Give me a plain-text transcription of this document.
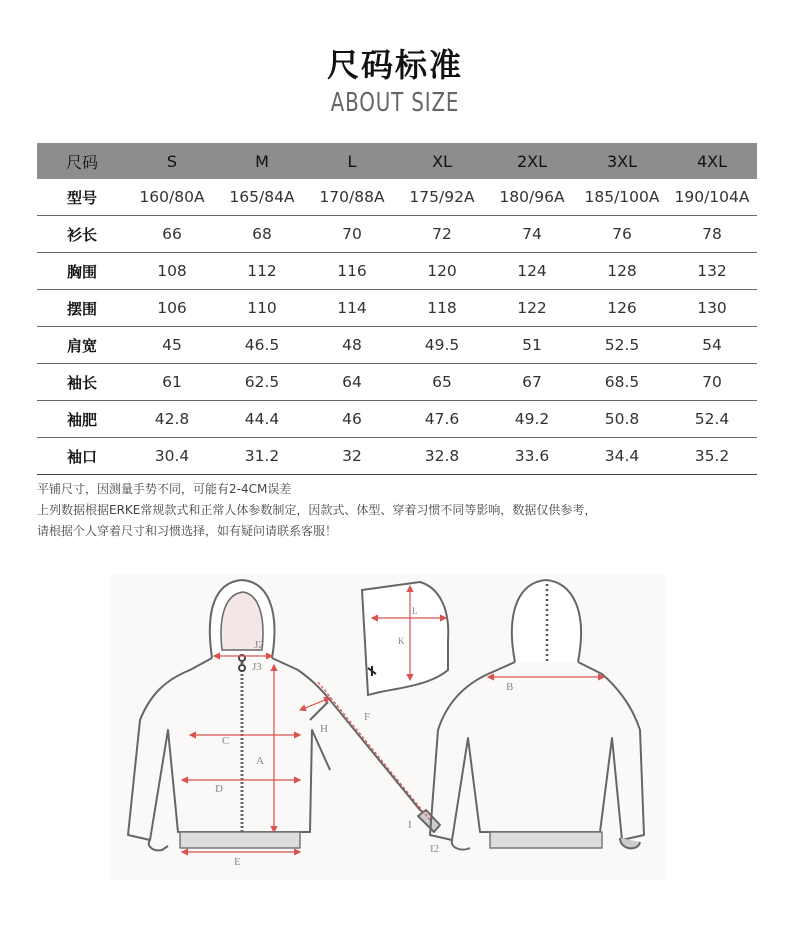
尺码标准
ABOUT SIZE
尺码	S	M	L	XL	2XL	3XL	4XL
型号	160/80A	165/84A	170/88A	175/92A	180/96A	185/100A	190/104A
衫长	66	68	70	72	74	76	78
胸围	108	112	116	120	124	128	132
摆围	106	110	114	118	122	126	130
肩宽	45	46.5	48	49.5	51	52.5	54
袖长	61	62.5	64	65	67	68.5	70
袖肥	42.8	44.4	46	47.6	49.2	50.8	52.4
袖口	30.4	31.2	32	32.8	33.6	34.4	35.2
平铺尺寸，因测量手势不同，可能有2-4CM误差
上列数据根据ERKE常规款式和正常人体参数制定，因款式、体型、穿着习惯不同等影响，数据仅供参考，
请根据个人穿着尺寸和习惯选择，如有疑问请联系客服！
J2
J3
C
A
D
E
H
F
I
I2
L
K
B
